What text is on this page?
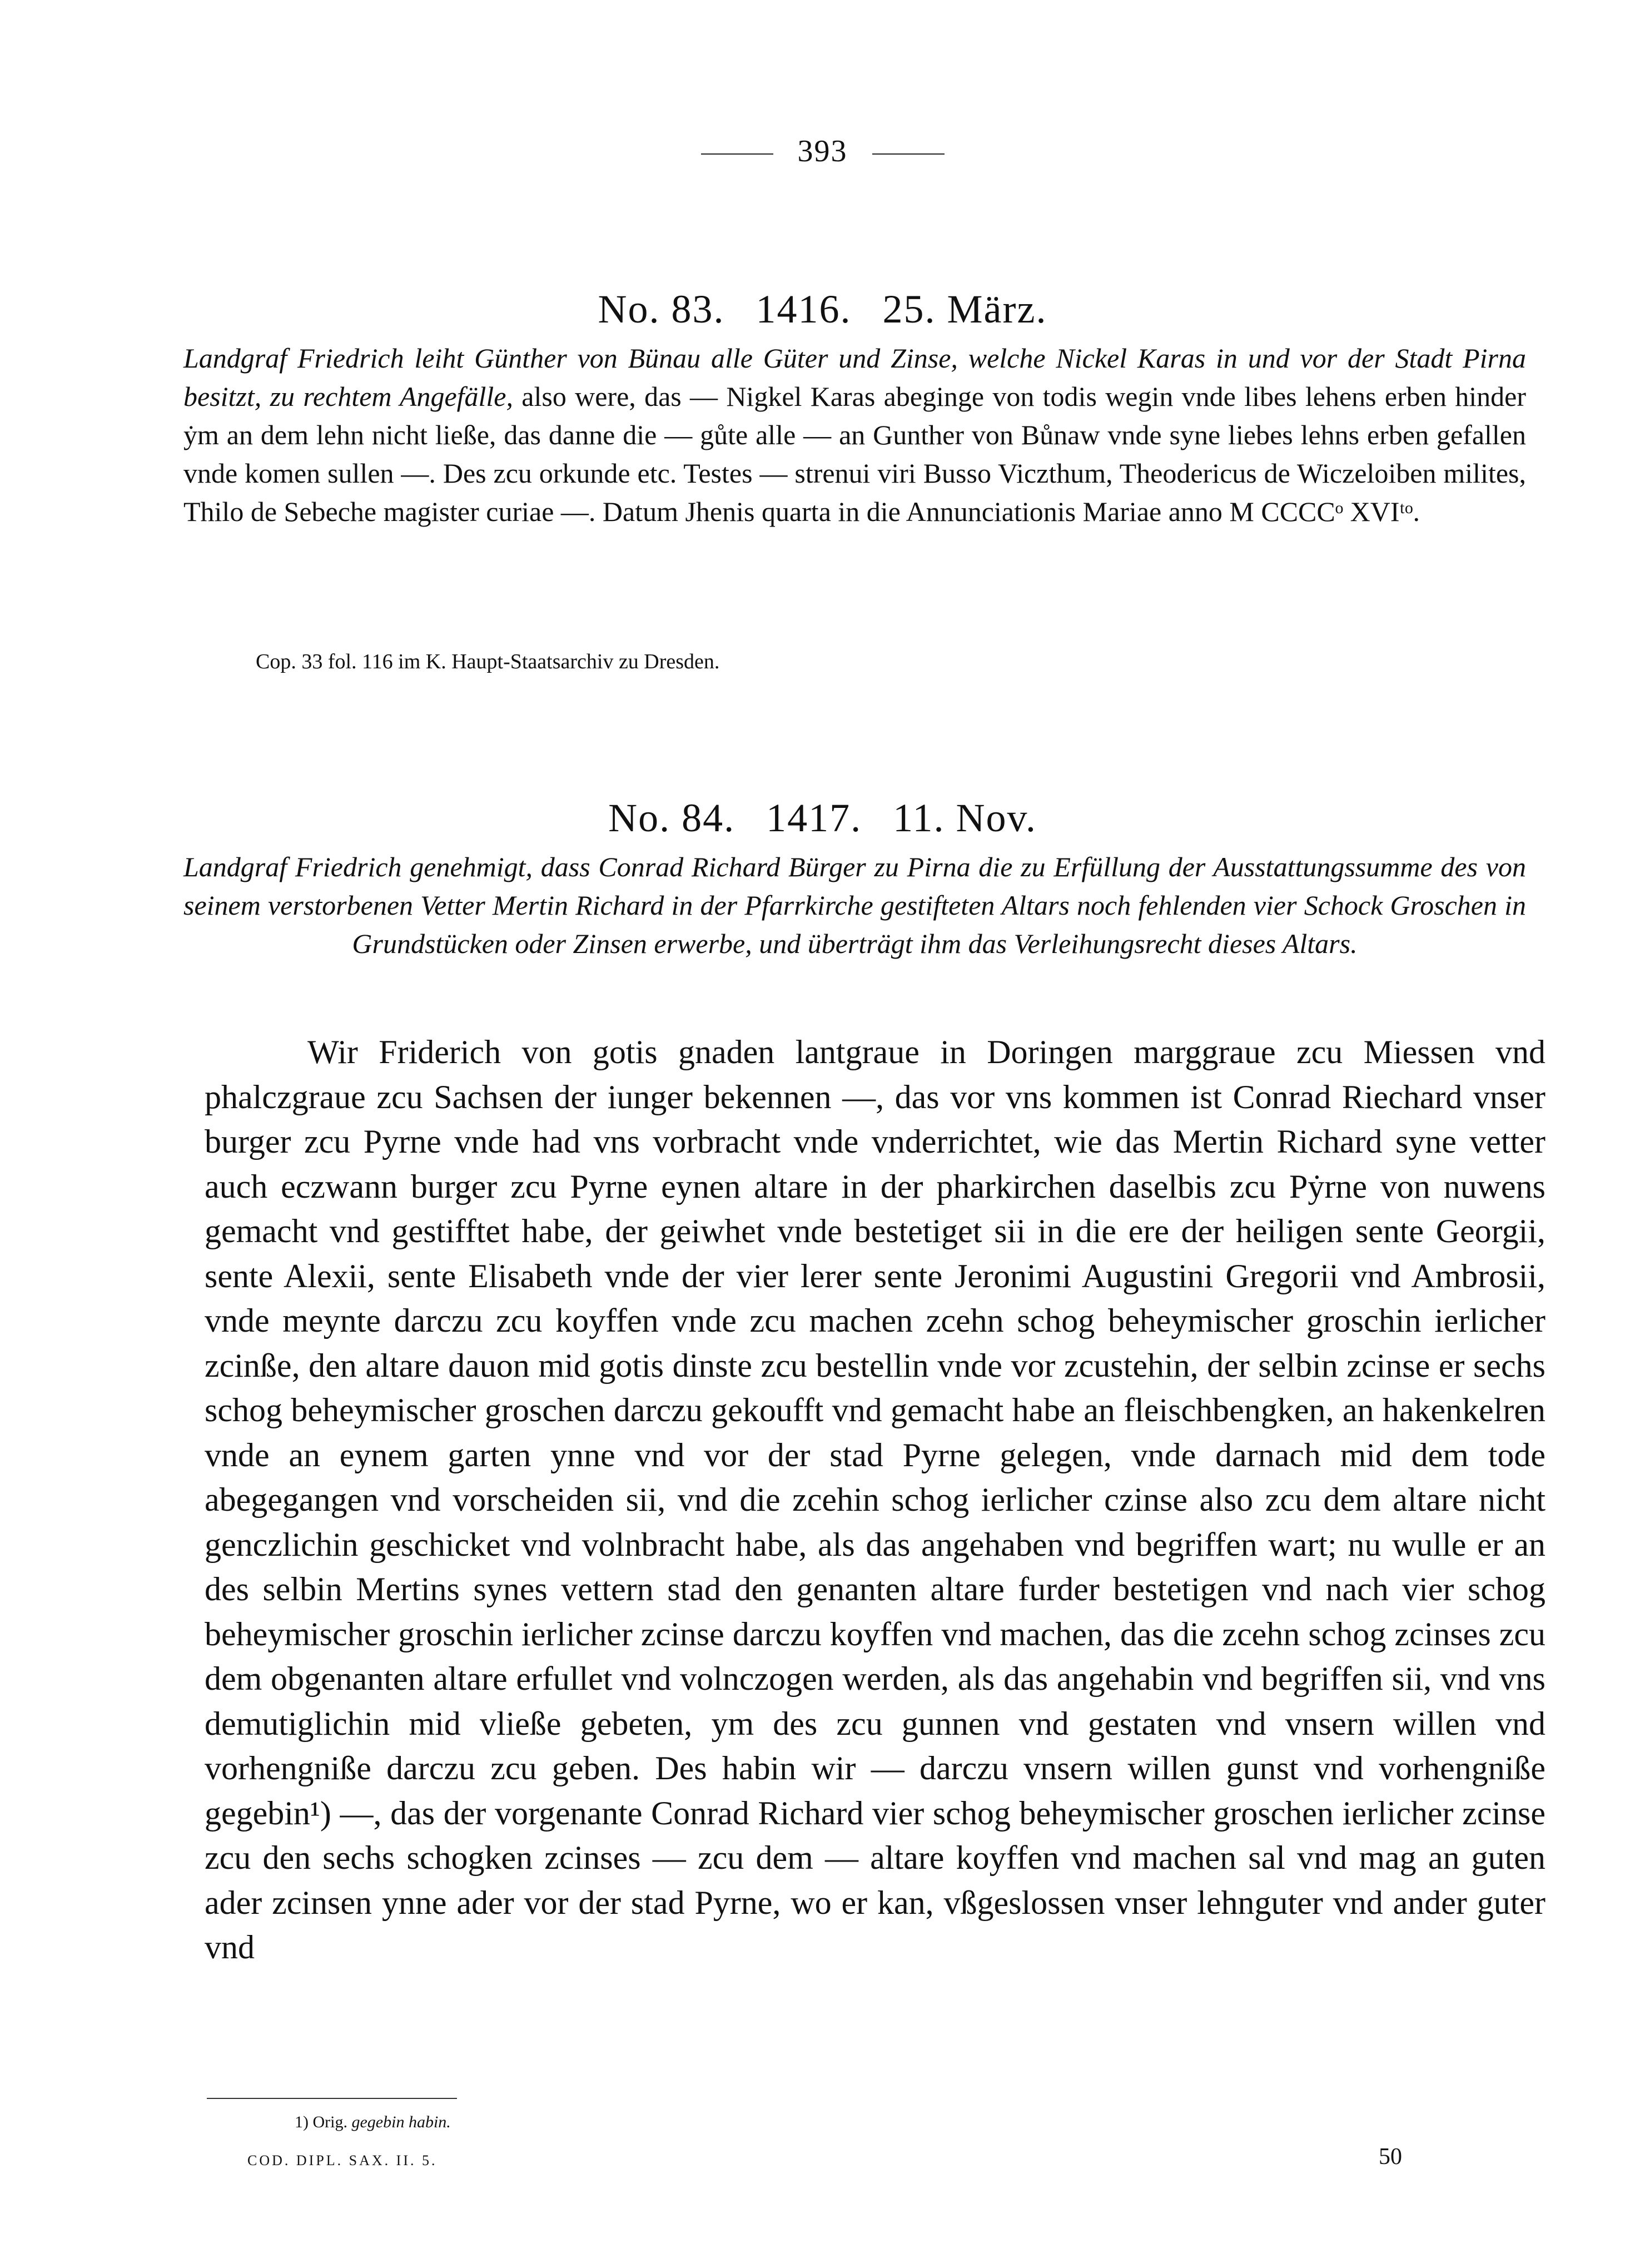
393
No. 83. 1416. 25. März.

Landgraf Friedrich leiht Günther von Bünau alle Güter und Zinse, welche Nickel Karas in und vor der Stadt Pirna besitzt, zu rechtem Angefälle, also were, das — Nigkel Karas abeginge von todis wegin vnde libes lehens erben hinder ẏm an dem lehn nicht ließe, das danne die — gůte alle — an Gunther von Bůnaw vnde syne liebes lehns erben gefallen vnde komen sullen —. Des zcu orkunde etc. Testes — strenui viri Busso Viczthum, Theodericus de Wiczeloiben milites, Thilo de Sebeche magister curiae —. Datum Jhenis quarta in die Annunciationis Mariae anno M CCCCᵒ XVIᵗᵒ.

Cop. 33 fol. 116 im K. Haupt-Staatsarchiv zu Dresden.
No. 84. 1417. 11. Nov.

Landgraf Friedrich genehmigt, dass Conrad Richard Bürger zu Pirna die zu Erfüllung der Ausstattungssumme des von seinem verstorbenen Vetter Mertin Richard in der Pfarrkirche gestifteten Altars noch fehlenden vier Schock Groschen in Grundstücken oder Zinsen erwerbe, und überträgt ihm das Verleihungsrecht dieses Altars.

Wir Friderich von gotis gnaden lantgraue in Doringen marggraue zcu Miessen vnd phalczgraue zcu Sachsen der iunger bekennen —, das vor vns kommen ist Conrad Riechard vnser burger zcu Pyrne vnde had vns vorbracht vnde vnderrichtet, wie das Mertin Richard syne vetter auch eczwann burger zcu Pyrne eynen altare in der pharkirchen daselbis zcu Pẏrne von nuwens gemacht vnd gestifftet habe, der geiwhet vnde bestetiget sii in die ere der heiligen sente Georgii, sente Alexii, sente Elisabeth vnde der vier lerer sente Jeronimi Augustini Gregorii vnd Ambrosii, vnde meynte darczu zcu koyffen vnde zcu machen zcehn schog beheymischer groschin ierlicher zcinße, den altare dauon mid gotis dinste zcu bestellin vnde vor zcustehin, der selbin zcinse er sechs schog beheymischer groschen darczu gekoufft vnd gemacht habe an fleischbengken, an hakenkelren vnde an eynem garten ynne vnd vor der stad Pyrne gelegen, vnde darnach mid dem tode abegegangen vnd vorscheiden sii, vnd die zcehin schog ierlicher czinse also zcu dem altare nicht genczlichin geschicket vnd volnbracht habe, als das angehaben vnd begriffen wart; nu wulle er an des selbin Mertins synes vettern stad den genanten altare furder bestetigen vnd nach vier schog beheymischer groschin ierlicher zcinse darczu koyffen vnd machen, das die zcehn schog zcinses zcu dem obgenanten altare erfullet vnd volnczogen werden, als das angehabin vnd begriffen sii, vnd vns demutiglichin mid vließe gebeten, ym des zcu gunnen vnd gestaten vnd vnsern willen vnd vorhengniße darczu zcu geben. Des habin wir — darczu vnsern willen gunst vnd vorhengniße gegebin¹) —, das der vorgenante Conrad Richard vier schog beheymischer groschen ierlicher zcinse zcu den sechs schogken zcinses — zcu dem — altare koyffen vnd machen sal vnd mag an guten ader zcinsen ynne ader vor der stad Pyrne, wo er kan, vßgeslossen vnser lehnguter vnd ander guter vnd

1) Orig. gegebin habin.
COD. DIPL. SAX. II. 5.	50
